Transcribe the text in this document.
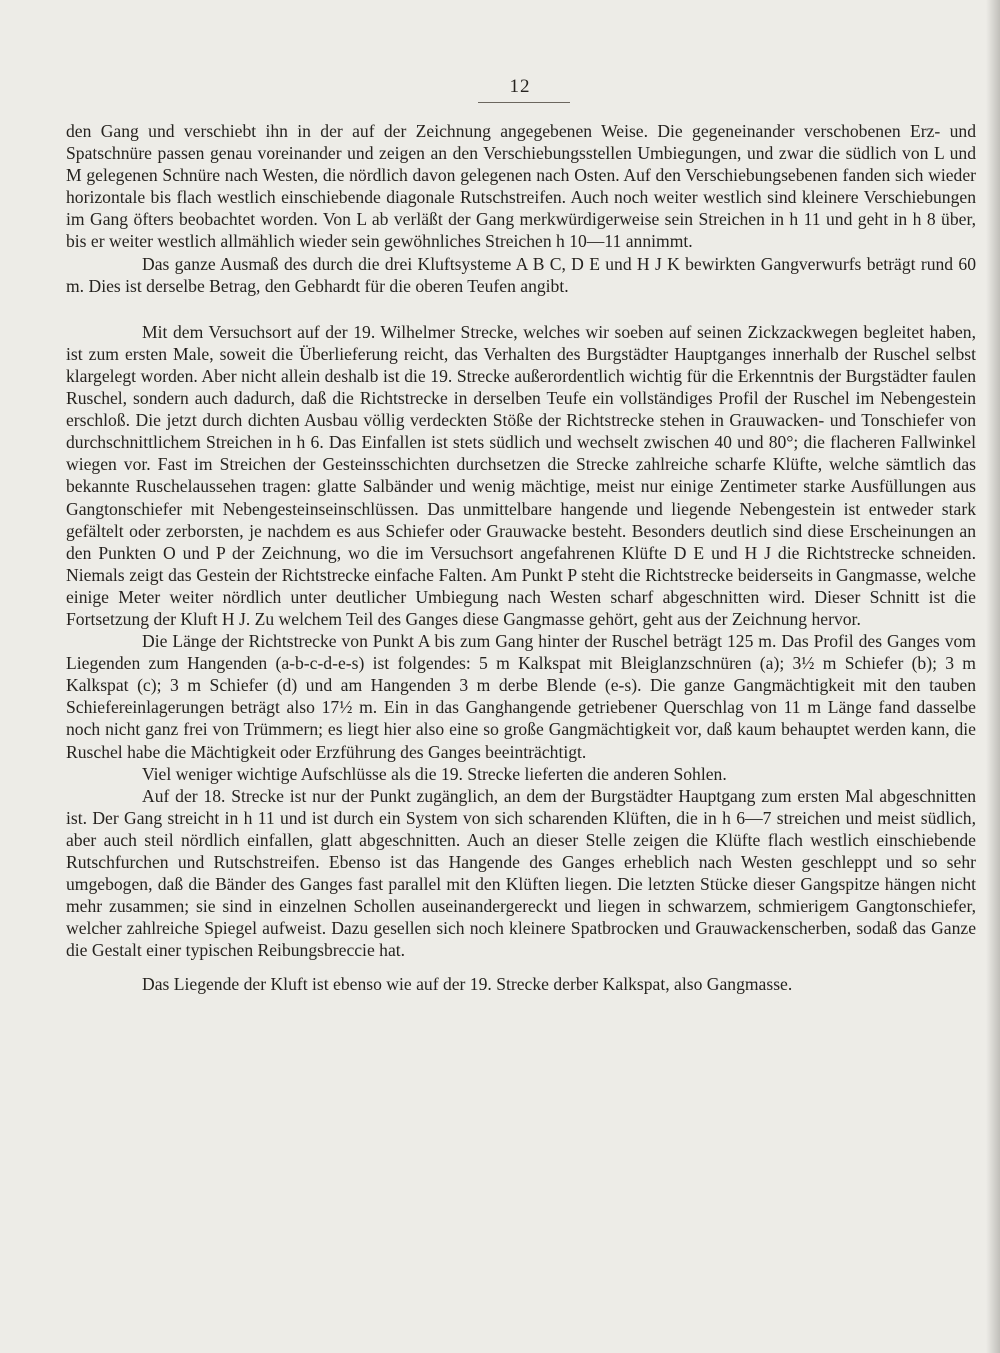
12

den Gang und verschiebt ihn in der auf der Zeichnung angegebenen Weise. Die gegeneinander verschobenen Erz- und Spatschnüre passen genau voreinander und zeigen an den Verschiebungsstellen Umbiegungen, und zwar die südlich von L und M gelegenen Schnüre nach Westen, die nördlich davon gelegenen nach Osten. Auf den Verschiebungsebenen fanden sich wieder horizontale bis flach westlich einschiebende diagonale Rutschstreifen. Auch noch weiter westlich sind kleinere Verschiebungen im Gang öfters beobachtet worden. Von L ab verläßt der Gang merkwürdigerweise sein Streichen in h 11 und geht in h 8 über, bis er weiter westlich allmählich wieder sein gewöhnliches Streichen h 10—11 annimmt.

Das ganze Ausmaß des durch die drei Kluftsysteme A B C, D E und H J K bewirkten Gangverwurfs beträgt rund 60 m. Dies ist derselbe Betrag, den Gebhardt für die oberen Teufen angibt.

Mit dem Versuchsort auf der 19. Wilhelmer Strecke, welches wir soeben auf seinen Zickzackwegen begleitet haben, ist zum ersten Male, soweit die Überlieferung reicht, das Verhalten des Burgstädter Hauptganges innerhalb der Ruschel selbst klargelegt worden. Aber nicht allein deshalb ist die 19. Strecke außerordentlich wichtig für die Erkenntnis der Burgstädter faulen Ruschel, sondern auch dadurch, daß die Richtstrecke in derselben Teufe ein vollständiges Profil der Ruschel im Nebengestein erschloß. Die jetzt durch dichten Ausbau völlig verdeckten Stöße der Richtstrecke stehen in Grauwacken- und Tonschiefer von durchschnittlichem Streichen in h 6. Das Einfallen ist stets südlich und wechselt zwischen 40 und 80°; die flacheren Fallwinkel wiegen vor. Fast im Streichen der Gesteinsschichten durchsetzen die Strecke zahlreiche scharfe Klüfte, welche sämtlich das bekannte Ruschelaussehen tragen: glatte Salbänder und wenig mächtige, meist nur einige Zentimeter starke Ausfüllungen aus Gangtonschiefer mit Nebengesteinseinschlüssen. Das unmittelbare hangende und liegende Nebengestein ist entweder stark gefältelt oder zerborsten, je nachdem es aus Schiefer oder Grauwacke besteht. Besonders deutlich sind diese Erscheinungen an den Punkten O und P der Zeichnung, wo die im Versuchsort angefahrenen Klüfte D E und H J die Richtstrecke schneiden. Niemals zeigt das Gestein der Richtstrecke einfache Falten. Am Punkt P steht die Richtstrecke beiderseits in Gangmasse, welche einige Meter weiter nördlich unter deutlicher Umbiegung nach Westen scharf abgeschnitten wird. Dieser Schnitt ist die Fortsetzung der Kluft H J. Zu welchem Teil des Ganges diese Gangmasse gehört, geht aus der Zeichnung hervor.

Die Länge der Richtstrecke von Punkt A bis zum Gang hinter der Ruschel beträgt 125 m. Das Profil des Ganges vom Liegenden zum Hangenden (a-b-c-d-e-s) ist folgendes: 5 m Kalkspat mit Bleiglanzschnüren (a); 3½ m Schiefer (b); 3 m Kalkspat (c); 3 m Schiefer (d) und am Hangenden 3 m derbe Blende (e-s). Die ganze Gangmächtigkeit mit den tauben Schiefereinlagerungen beträgt also 17½ m. Ein in das Ganghangende getriebener Querschlag von 11 m Länge fand dasselbe noch nicht ganz frei von Trümmern; es liegt hier also eine so große Gangmächtigkeit vor, daß kaum behauptet werden kann, die Ruschel habe die Mächtigkeit oder Erzführung des Ganges beeinträchtigt.

Viel weniger wichtige Aufschlüsse als die 19. Strecke lieferten die anderen Sohlen.

Auf der 18. Strecke ist nur der Punkt zugänglich, an dem der Burgstädter Hauptgang zum ersten Mal abgeschnitten ist. Der Gang streicht in h 11 und ist durch ein System von sich scharenden Klüften, die in h 6—7 streichen und meist südlich, aber auch steil nördlich einfallen, glatt abgeschnitten. Auch an dieser Stelle zeigen die Klüfte flach westlich einschiebende Rutschfurchen und Rutschstreifen. Ebenso ist das Hangende des Ganges erheblich nach Westen geschleppt und so sehr umgebogen, daß die Bänder des Ganges fast parallel mit den Klüften liegen. Die letzten Stücke dieser Gangspitze hängen nicht mehr zusammen; sie sind in einzelnen Schollen auseinandergereckt und liegen in schwarzem, schmierigem Gangtonschiefer, welcher zahlreiche Spiegel aufweist. Dazu gesellen sich noch kleinere Spatbrocken und Grauwackenscherben, sodaß das Ganze die Gestalt einer typischen Reibungsbreccie hat.

Das Liegende der Kluft ist ebenso wie auf der 19. Strecke derber Kalkspat, also Gangmasse.
